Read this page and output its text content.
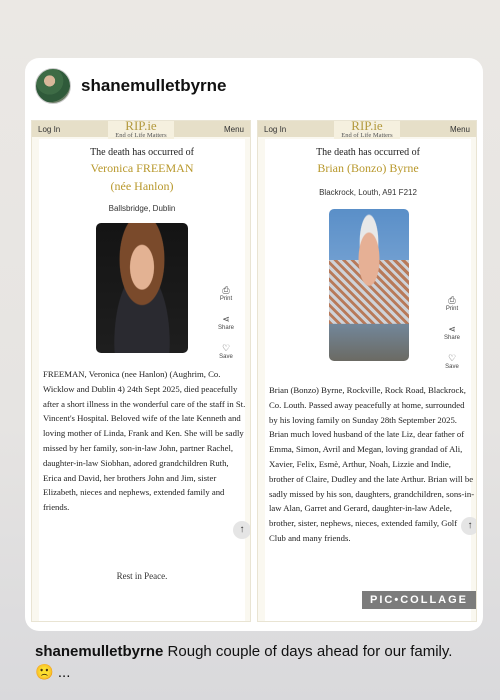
shanemulletbyrne
Log In	Menu
RIP.ie
End of Life Matters
The death has occurred of
Veronica FREEMAN
(née Hanlon)
Ballsbridge, Dublin
⎙
Print
⋖
Share
♡
Save
FREEMAN, Veronica (nee Hanlon) (Aughrim, Co. Wicklow and Dublin 4) 24th Sept 2025, died peacefully after a short illness in the wonderful care of the staff in St. Vincent's Hospital. Beloved wife of the late Kenneth and loving mother of Linda, Frank and Ken. She will be sadly missed by her family, son-in-law John, partner Rachel, daughter-in-law Siobhan, adored grandchildren Ruth, Erica and David, her brothers John and Jim, sister Elizabeth, nieces and nephews, extended family and friends.
↑
Rest in Peace.
Log In	Menu
RIP.ie
End of Life Matters
The death has occurred of
Brian (Bonzo) Byrne
Blackrock, Louth, A91 F212
⎙
Print
⋖
Share
♡
Save
Brian (Bonzo) Byrne, Rockville, Rock Road, Blackrock, Co. Louth. Passed away peacefully at home, surrounded by his loving family on Sunday 28th September 2025. Brian much loved husband of the late Liz, dear father of Emma, Simon, Avril and Megan, loving grandad of Ali, Xavier, Felix, Esmè, Arthur, Noah, Lizzie and Indie, brother of Claire, Dudley and the late Arthur. Brian will be sadly missed by his son, daughters, grandchildren, sons-in-law Alan, Garret and Gerard, daughter-in-law Adele, brother, sister, nephews, nieces, extended family, Golf Club and many friends.
↑
PIC•COLLAGE
shanemulletbyrne Rough couple of days ahead for our family. 🙁 ...
